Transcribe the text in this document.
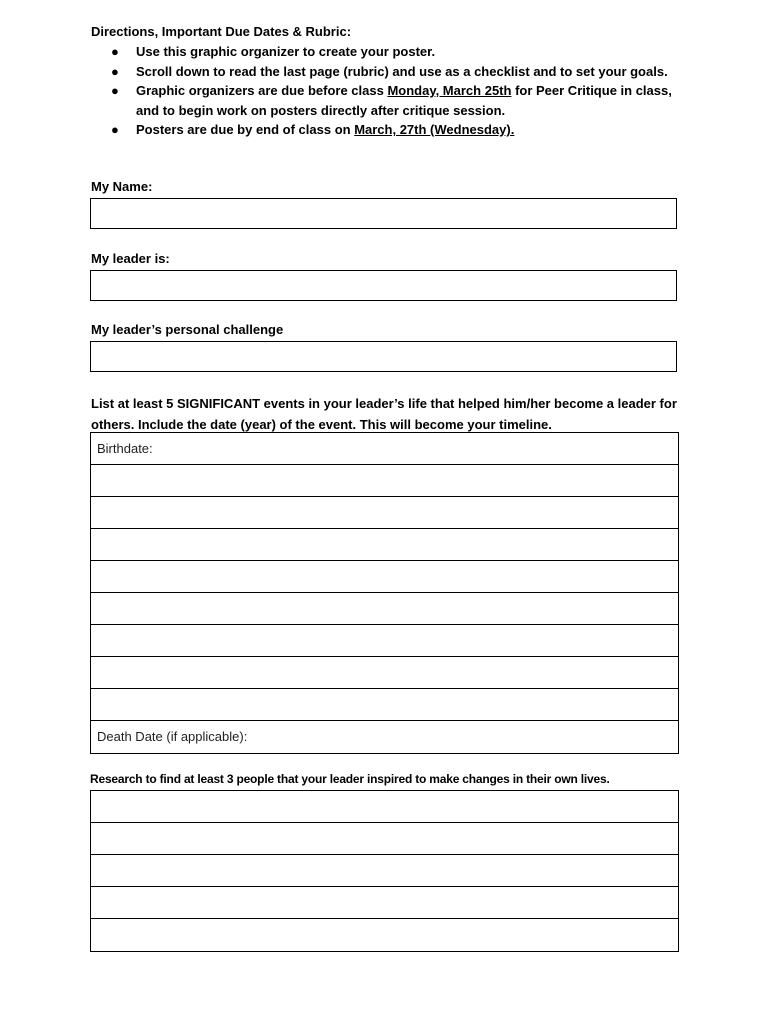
Directions, Important Due Dates & Rubric:
● Use this graphic organizer to create your poster.
● Scroll down to read the last page (rubric) and use as a checklist and to set your goals.
● Graphic organizers are due before class Monday, March 25th for Peer Critique in class, and to begin work on posters directly after critique session.
● Posters are due by end of class on March, 27th (Wednesday).
My Name:
My leader is:
My leader’s personal challenge
List at least 5 SIGNIFICANT events in your leader’s life that helped him/her become a leader for others. Include the date (year) of the event. This will become your timeline.
Birthdate:
Death Date (if applicable):
Research to find at least 3 people that your leader inspired to make changes in their own lives.
